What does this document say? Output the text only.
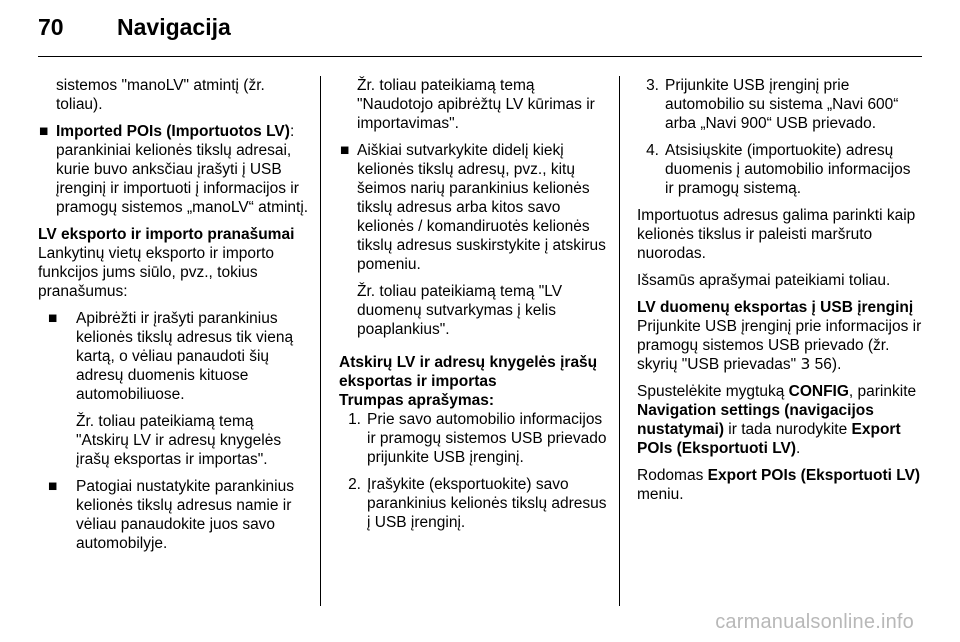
70 Navigacija

sistemos "manoLV" atmintį (žr. toliau).

■ Imported POIs (Importuotos LV): parankiniai kelionės tikslų adresai, kurie buvo anksčiau įrašyti į USB įrenginį ir importuoti į informacijos ir pramogų sistemos „manoLV“ atmintį.

LV eksporto ir importo pranašumai

Lankytinų vietų eksporto ir importo funkcijos jums siūlo, pvz., tokius pranašumus:

■ Apibrėžti ir įrašyti parankinius kelionės tikslų adresus tik vieną kartą, o vėliau panaudoti šių adresų duomenis kituose automobiliuose.

Žr. toliau pateikiamą temą "Atskirų LV ir adresų knygelės įrašų eksportas ir importas".

■ Patogiai nustatykite parankinius kelionės tikslų adresus namie ir vėliau panaudokite juos savo automobilyje.

Žr. toliau pateikiamą temą "Naudotojo apibrėžtų LV kūrimas ir importavimas".

■ Aiškiai sutvarkykite didelį kiekį kelionės tikslų adresų, pvz., kitų šeimos narių parankinius kelionės tikslų adresus arba kitos savo kelionės / komandiruotės kelionės tikslų adresus suskirstykite į atskirus pomeniu.

Žr. toliau pateikiamą temą "LV duomenų sutvarkymas į kelis poaplankius".

Atskirų LV ir adresų knygelės įrašų eksportas ir importas

Trumpas aprašymas:

1. Prie savo automobilio informacijos ir pramogų sistemos USB prievado prijunkite USB įrenginį.
2. Įrašykite (eksportuokite) savo parankinius kelionės tikslų adresus į USB įrenginį.
3. Prijunkite USB įrenginį prie automobilio su sistema „Navi 600“ arba „Navi 900“ USB prievado.
4. Atsisiųskite (importuokite) adresų duomenis į automobilio informacijos ir pramogų sistemą.

Importuotus adresus galima parinkti kaip kelionės tikslus ir paleisti maršruto nuorodas.

Išsamūs aprašymai pateikiami toliau.

LV duomenų eksportas į USB įrenginį

Prijunkite USB įrenginį prie informacijos ir pramogų sistemos USB prievado (žr. skyrių "USB prievadas" 3 56).

Spustelėkite mygtuką CONFIG, parinkite Navigation settings (navigacijos nustatymai) ir tada nurodykite Export POIs (Eksportuoti LV).

Rodomas Export POIs (Eksportuoti LV) meniu.

carmanualsonline.info
